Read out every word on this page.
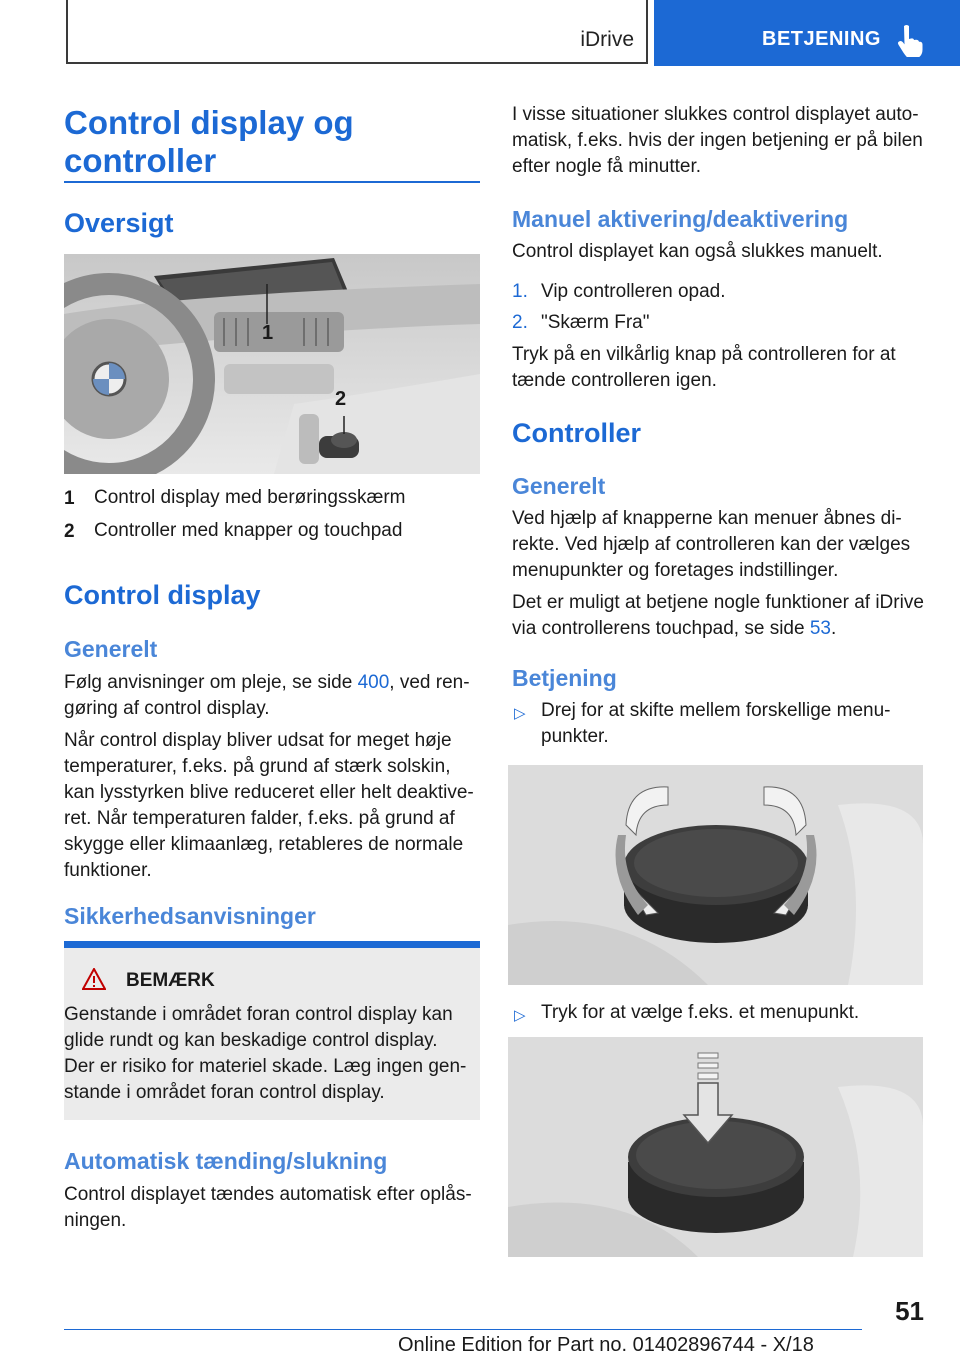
iDrive	BETJENING
Control display og
controller
Oversigt
1
2
1 Control display med berøringsskærm
2 Controller med knapper og touchpad
Control display
Generelt

Følg anvisninger om pleje, se side 400, ved ren-
gøring af control display.

Når control display bliver udsat for meget høje
temperaturer, f.eks. på grund af stærk solskin,
kan lysstyrken blive reduceret eller helt deaktive-
ret. Når temperaturen falder, f.eks. på grund af
skygge eller klimaanlæg, retableres de normale
funktioner.

Sikkerhedsanvisninger
BEMÆRK

Genstande i området foran control display kan
glide rundt og kan beskadige control display.
Der er risiko for materiel skade. Læg ingen gen-
stande i området foran control display.

Automatisk tænding/slukning

Control displayet tændes automatisk efter oplås-
ningen.

I visse situationer slukkes control displayet auto-
matisk, f.eks. hvis der ingen betjening er på bilen
efter nogle få minutter.

Manuel aktivering/deaktivering

Control displayet kan også slukkes manuelt.

1. Vip controlleren opad.
2. "Skærm Fra"

Tryk på en vilkårlig knap på controlleren for at
tænde controlleren igen.

Controller
Generelt

Ved hjælp af knapperne kan menuer åbnes di-
rekte. Ved hjælp af controlleren kan der vælges
menupunkter og foretages indstillinger.

Det er muligt at betjene nogle funktioner af iDrive
via controllerens touchpad, se side 53.

Betjening
▷ Drej for at skifte mellem forskellige menu-
punkter.

▷ Tryk for at vælge f.eks. et menupunkt.
51
Online Edition for Part no. 01402896744 - X/18
